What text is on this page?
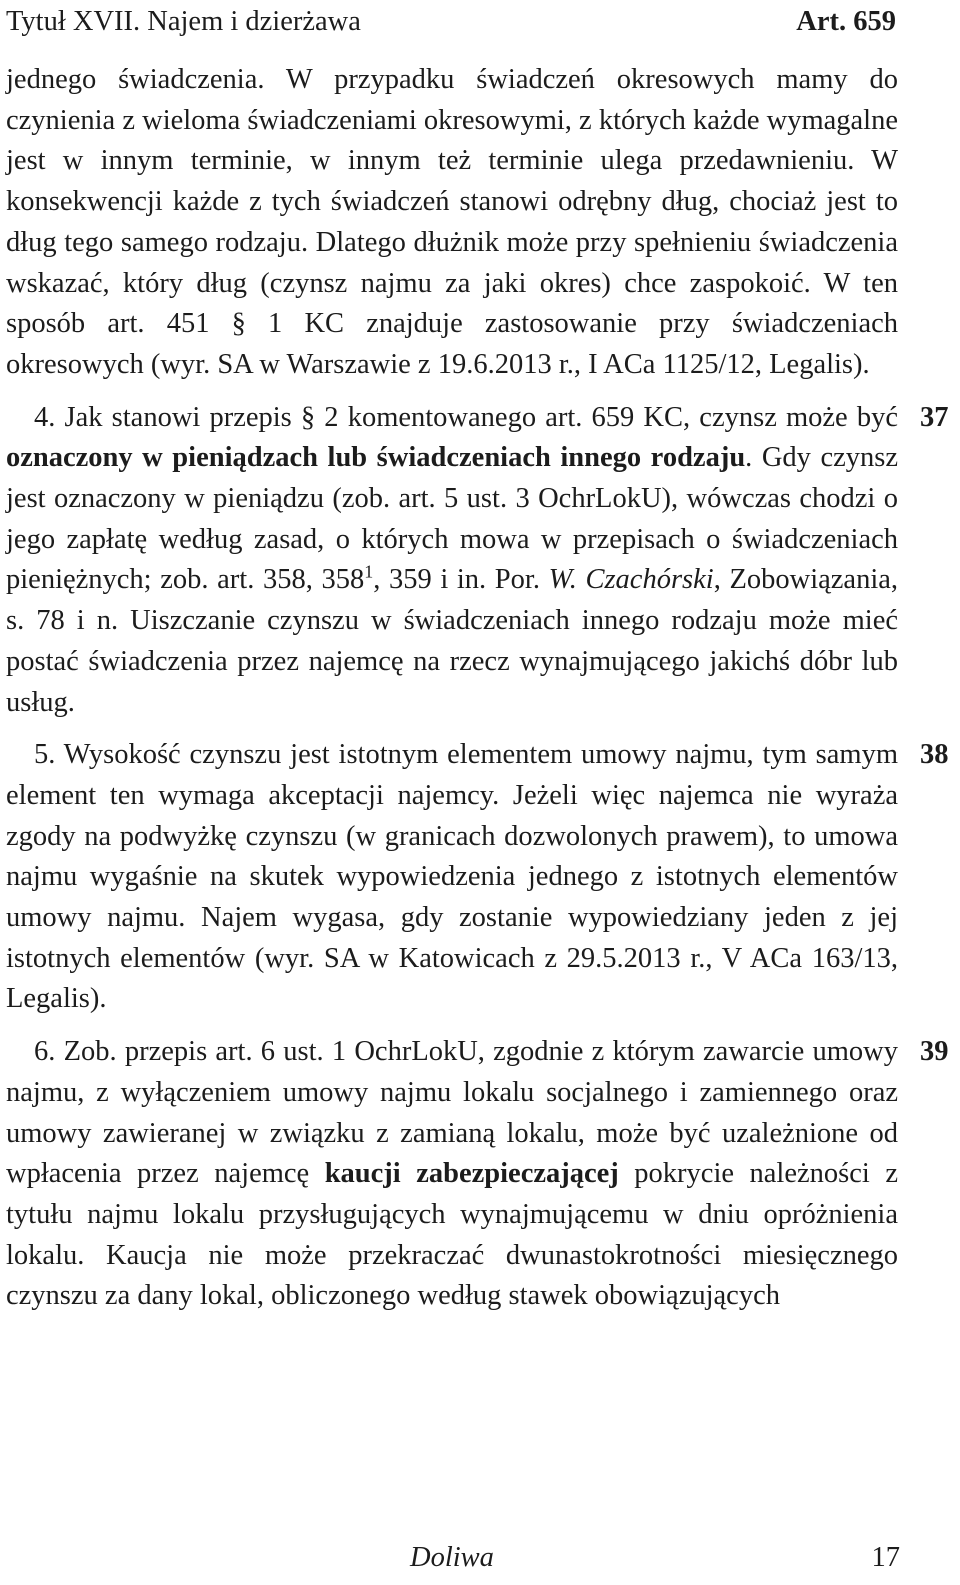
Tytuł XVII. Najem i dzierżawa	Art. 659

jednego świadczenia. W przypadku świadczeń okresowych mamy do czynienia z wieloma świadczeniami okresowymi, z których każde wymagalne jest w innym terminie, w innym też terminie ulega przedawnieniu. W konsekwencji każde z tych świadczeń stanowi odrębny dług, chociaż jest to dług tego samego rodzaju. Dlatego dłużnik może przy spełnieniu świadczenia wskazać, który dług (czynsz najmu za jaki okres) chce zaspokoić. W ten sposób art. 451 § 1 KC znajduje zastosowanie przy świadczeniach okresowych (wyr. SA w Warszawie z 19.6.2013 r., I ACa 1125/12, Legalis).

37
4. Jak stanowi przepis § 2 komentowanego art. 659 KC, czynsz może być oznaczony w pieniądzach lub świadczeniach innego rodzaju. Gdy czynsz jest oznaczony w pieniądzu (zob. art. 5 ust. 3 OchrLokU), wówczas chodzi o jego zapłatę według zasad, o których mowa w przepisach o świadczeniach pieniężnych; zob. art. 358, $358^1$, 359 i in. Por. W. Czachórski, Zobowiązania, s. 78 i n. Uiszczanie czynszu w świadczeniach innego rodzaju może mieć postać świadczenia przez najemcę na rzecz wynajmującego jakichś dóbr lub usług.

38
5. Wysokość czynszu jest istotnym elementem umowy najmu, tym samym element ten wymaga akceptacji najemcy. Jeżeli więc najemca nie wyraża zgody na podwyżkę czynszu (w granicach dozwolonych prawem), to umowa najmu wygaśnie na skutek wypowiedzenia jednego z istotnych elementów umowy najmu. Najem wygasa, gdy zostanie wypowiedziany jeden z jej istotnych elementów (wyr. SA w Katowicach z 29.5.2013 r., V ACa 163/13, Legalis).

39
6. Zob. przepis art. 6 ust. 1 OchrLokU, zgodnie z którym zawarcie umowy najmu, z wyłączeniem umowy najmu lokalu socjalnego i zamiennego oraz umowy zawieranej w związku z zamianą lokalu, może być uzależnione od wpłacenia przez najemcę kaucji zabezpieczającej pokrycie należności z tytułu najmu lokalu przysługujących wynajmującemu w dniu opróżnienia lokalu. Kaucja nie może przekraczać dwunastokrotności miesięcznego czynszu za dany lokal, obliczonego według stawek obowiązujących

Doliwa	17
